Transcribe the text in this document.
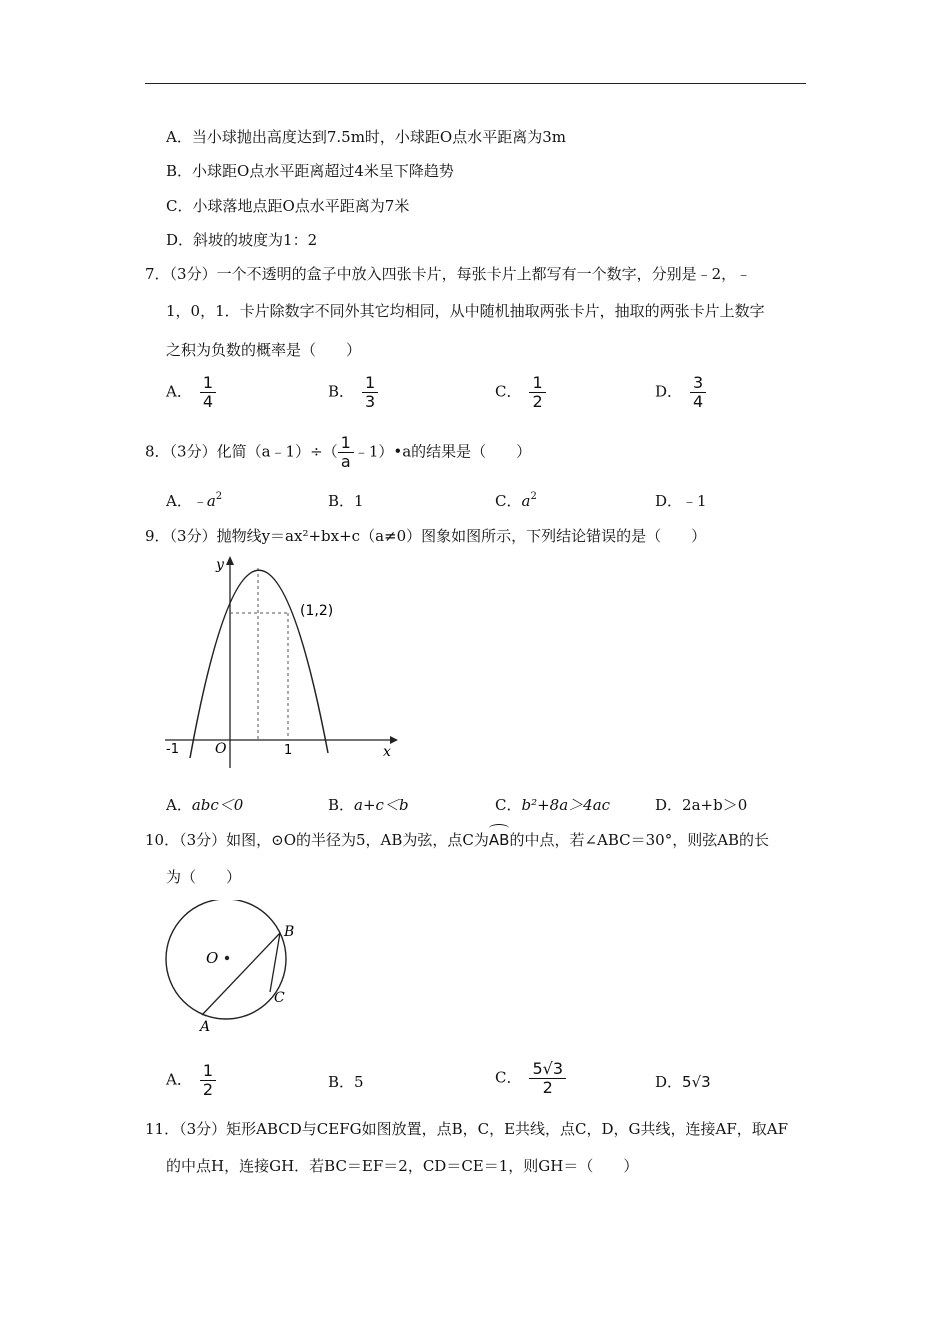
A．当小球抛出高度达到7.5m时，小球距O点水平距离为3m
B．小球距O点水平距离超过4米呈下降趋势
C．小球落地点距O点水平距离为7米
D．斜坡的坡度为1：2
7．（3分）一个不透明的盒子中放入四张卡片，每张卡片上都写有一个数字，分别是﹣2，﹣
1，0，1．卡片除数字不同外其它均相同，从中随机抽取两张卡片，抽取的两张卡片上数字
之积为负数的概率是（　　）
A． $\frac{1}{4}$	B． $\frac{1}{3}$	C． $\frac{1}{2}$	D． $\frac{3}{4}$
8．（3分）化简（a﹣1）÷（ $\frac{1}{a}$ ﹣1）•a的结果是（　　）
A．$﹣a^2$	B．1	C．$a^2$	D．﹣1
9．（3分）抛物线y＝ax²+bx+c（a≠0）图象如图所示，下列结论错误的是（　　）
y
x
O
-1	1
(1,2)
A．abc＜0	B．a+c＜b	C．b²+8a＞4ac	D．2a+b＞0
10．（3分）如图，⊙O的半径为5，AB为弦，点C为AB的中点，若∠ABC＝30°，则弦AB的长
为（　　）
O
B
C
A
A． $\frac{1}{2}$	B．5	C． $\frac{5√3}{2}$	D．5√3
11．（3分）矩形ABCD与CEFG如图放置，点B，C，E共线，点C，D，G共线，连接AF，取AF
的中点H，连接GH．若BC＝EF＝2，CD＝CE＝1，则GH＝（　　）
